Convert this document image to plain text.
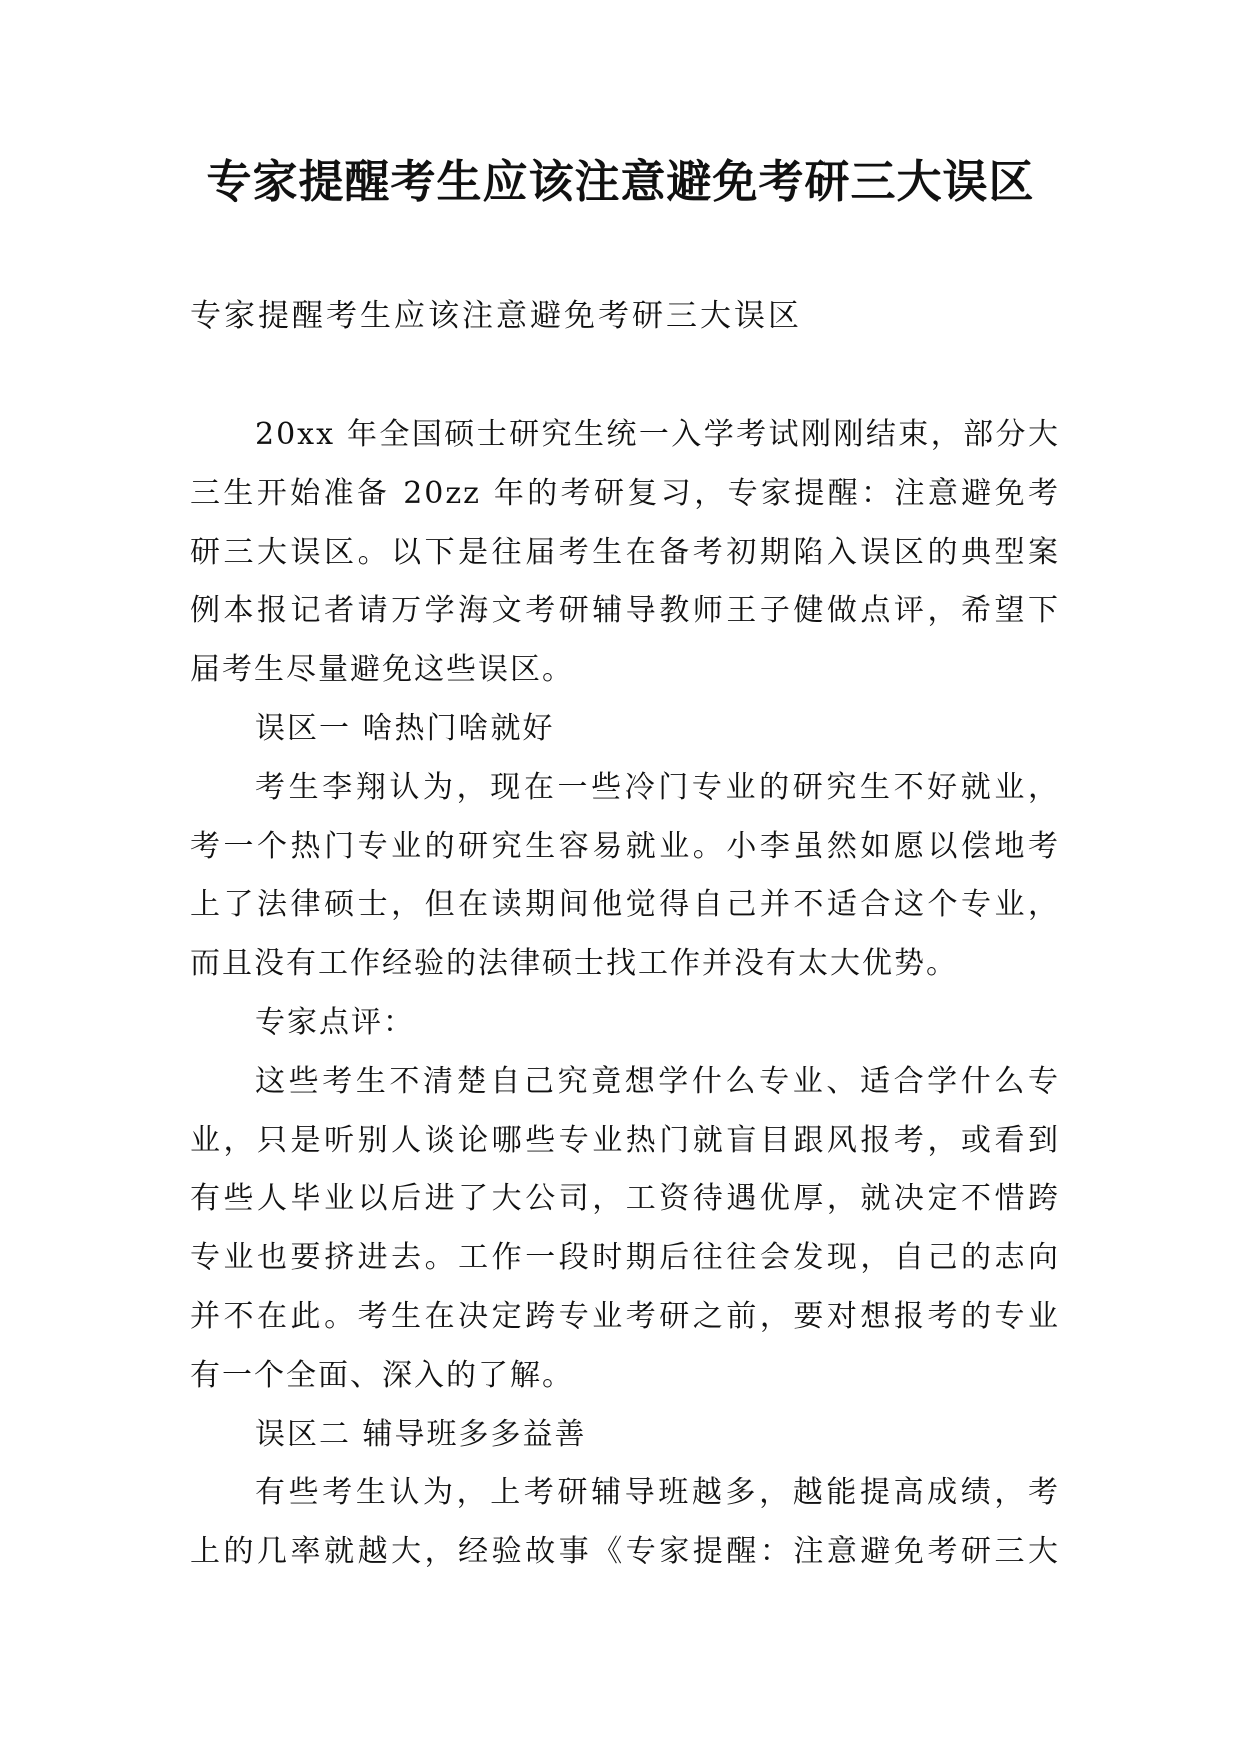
专家提醒考生应该注意避免考研三大误区

专家提醒考生应该注意避免考研三大误区

20xx 年全国硕士研究生统一入学考试刚刚结束，部分大
三生开始准备 20zz 年的考研复习，专家提醒：注意避免考
研三大误区。以下是往届考生在备考初期陷入误区的典型案
例本报记者请万学海文考研辅导教师王子健做点评，希望下
届考生尽量避免这些误区。
误区一 啥热门啥就好
考生李翔认为，现在一些冷门专业的研究生不好就业，
考一个热门专业的研究生容易就业。小李虽然如愿以偿地考
上了法律硕士，但在读期间他觉得自己并不适合这个专业，
而且没有工作经验的法律硕士找工作并没有太大优势。
专家点评：
这些考生不清楚自己究竟想学什么专业、适合学什么专
业，只是听别人谈论哪些专业热门就盲目跟风报考，或看到
有些人毕业以后进了大公司，工资待遇优厚，就决定不惜跨
专业也要挤进去。工作一段时期后往往会发现，自己的志向
并不在此。考生在决定跨专业考研之前，要对想报考的专业
有一个全面、深入的了解。
误区二 辅导班多多益善
有些考生认为，上考研辅导班越多，越能提高成绩，考
上的几率就越大，经验故事《专家提醒：注意避免考研三大
